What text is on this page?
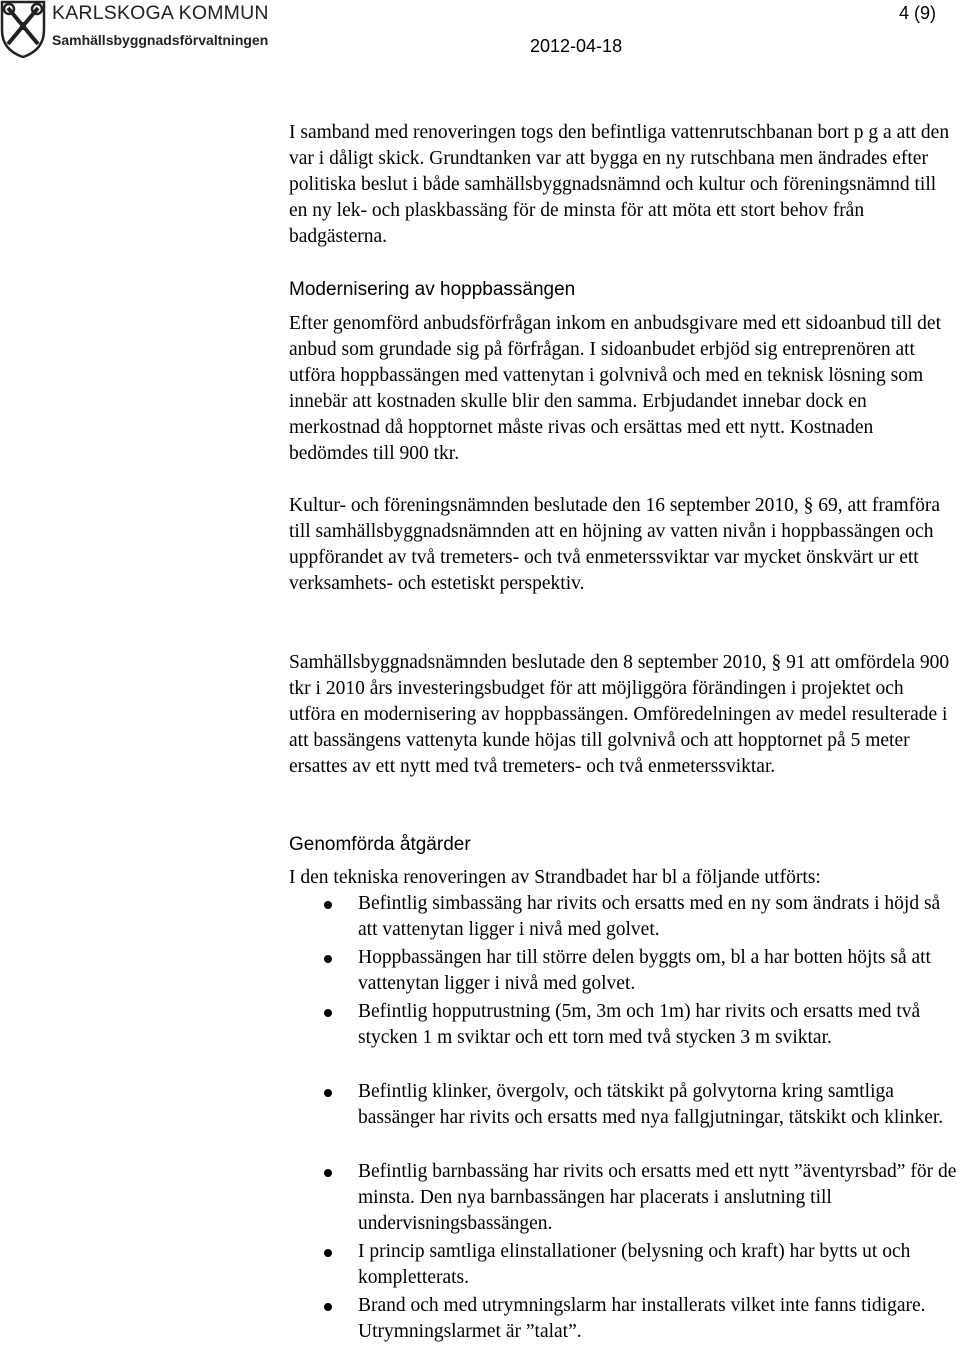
KARLSKOGA KOMMUN
Samhällsbyggnadsförvaltningen	2012-04-18
4 (9)

I samband med renoveringen togs den befintliga vattenrutschbanan bort p g a att den var i dåligt skick. Grundtanken var att bygga en ny rutschbana men ändrades efter politiska beslut i både samhällsbyggnadsnämnd och kultur och föreningsnämnd till en ny lek- och plaskbassäng för de minsta för att möta ett stort behov från badgästerna.

Modernisering av hoppbassängen

Efter genomförd anbudsförfrågan inkom en anbudsgivare med ett sidoanbud till det anbud som grundade sig på förfrågan. I sidoanbudet erbjöd sig entreprenören att utföra hoppbassängen med vattenytan i golvnivå och med en teknisk lösning som innebär att kostnaden skulle blir den samma. Erbjudandet innebar dock en merkostnad då hopptornet måste rivas och ersättas med ett nytt. Kostnaden bedömdes till 900 tkr.

Kultur- och föreningsnämnden beslutade den 16 september 2010, § 69, att framföra till samhällsbyggnadsnämnden att en höjning av vatten nivån i hoppbassängen och uppförandet av två tremeters- och två enmeterssviktar var mycket önskvärt ur ett verksamhets- och estetiskt perspektiv.

Samhällsbyggnadsnämnden beslutade den 8 september 2010, § 91 att omfördela 900 tkr i 2010 års investeringsbudget för att möjliggöra förändingen i projektet och utföra en modernisering av hoppbassängen. Omföredelningen av medel resulterade i att bassängens vattenyta kunde höjas till golvnivå och att hopptornet på 5 meter ersattes av ett nytt med två tremeters- och två enmeterssviktar.

Genomförda åtgärder

I den tekniska renoveringen av Strandbadet har bl a följande utförts:

Befintlig simbassäng har rivits och ersatts med en ny som ändrats i höjd så att vattenytan ligger i nivå med golvet.
Hoppbassängen har till större delen byggts om, bl a har botten höjts så att vattenytan ligger i nivå med golvet.
Befintlig hopputrustning (5m, 3m och 1m) har rivits och ersatts med två stycken 1 m sviktar och ett torn med två stycken 3 m sviktar.
Befintlig klinker, övergolv, och tätskikt på golvytorna kring samtliga bassänger har rivits och ersatts med nya fallgjutningar, tätskikt och klinker.
Befintlig barnbassäng har rivits och ersatts med ett nytt ”äventyrsbad” för de minsta. Den nya barnbassängen har placerats i anslutning till undervisningsbassängen.
I princip samtliga elinstallationer (belysning och kraft) har bytts ut och kompletterats.
Brand och med utrymningslarm har installerats vilket inte fanns tidigare. Utrymningslarmet är ”talat”.
